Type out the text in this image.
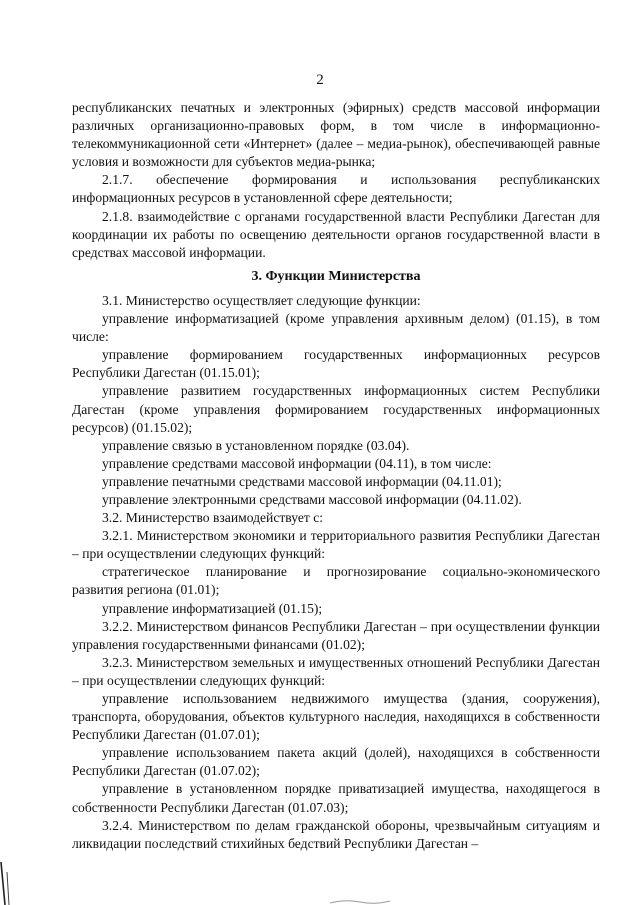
2

республиканских печатных и электронных (эфирных) средств массовой информации различных организационно-правовых форм, в том числе в информационно-телекоммуникационной сети «Интернет» (далее – медиа-рынок), обеспечивающей равные условия и возможности для субъектов медиа-рынка;

2.1.7. обеспечение формирования и использования республиканских информационных ресурсов в установленной сфере деятельности;

2.1.8. взаимодействие с органами государственной власти Республики Дагестан для координации их работы по освещению деятельности органов государственной власти в средствах массовой информации.

3. Функции Министерства

3.1. Министерство осуществляет следующие функции:

управление информатизацией (кроме управления архивным делом) (01.15), в том числе:

управление формированием государственных информационных ресурсов Республики Дагестан (01.15.01);

управление развитием государственных информационных систем Республики Дагестан (кроме управления формированием государственных информационных ресурсов) (01.15.02);

управление связью в установленном порядке (03.04).

управление средствами массовой информации (04.11), в том числе:

управление печатными средствами массовой информации (04.11.01);

управление электронными средствами массовой информации (04.11.02).

3.2. Министерство взаимодействует с:

3.2.1. Министерством экономики и территориального развития Республики Дагестан – при осуществлении следующих функций:

стратегическое планирование и прогнозирование социально-экономического развития региона (01.01);

управление информатизацией (01.15);

3.2.2. Министерством финансов Республики Дагестан – при осуществлении функции управления государственными финансами (01.02);

3.2.3. Министерством земельных и имущественных отношений Республики Дагестан – при осуществлении следующих функций:

управление использованием недвижимого имущества (здания, сооружения), транспорта, оборудования, объектов культурного наследия, находящихся в собственности Республики Дагестан (01.07.01);

управление использованием пакета акций (долей), находящихся в собственности Республики Дагестан (01.07.02);

управление в установленном порядке приватизацией имущества, находящегося в собственности Республики Дагестан (01.07.03);

3.2.4. Министерством по делам гражданской обороны, чрезвычайным ситуациям и ликвидации последствий стихийных бедствий Республики Дагестан –
